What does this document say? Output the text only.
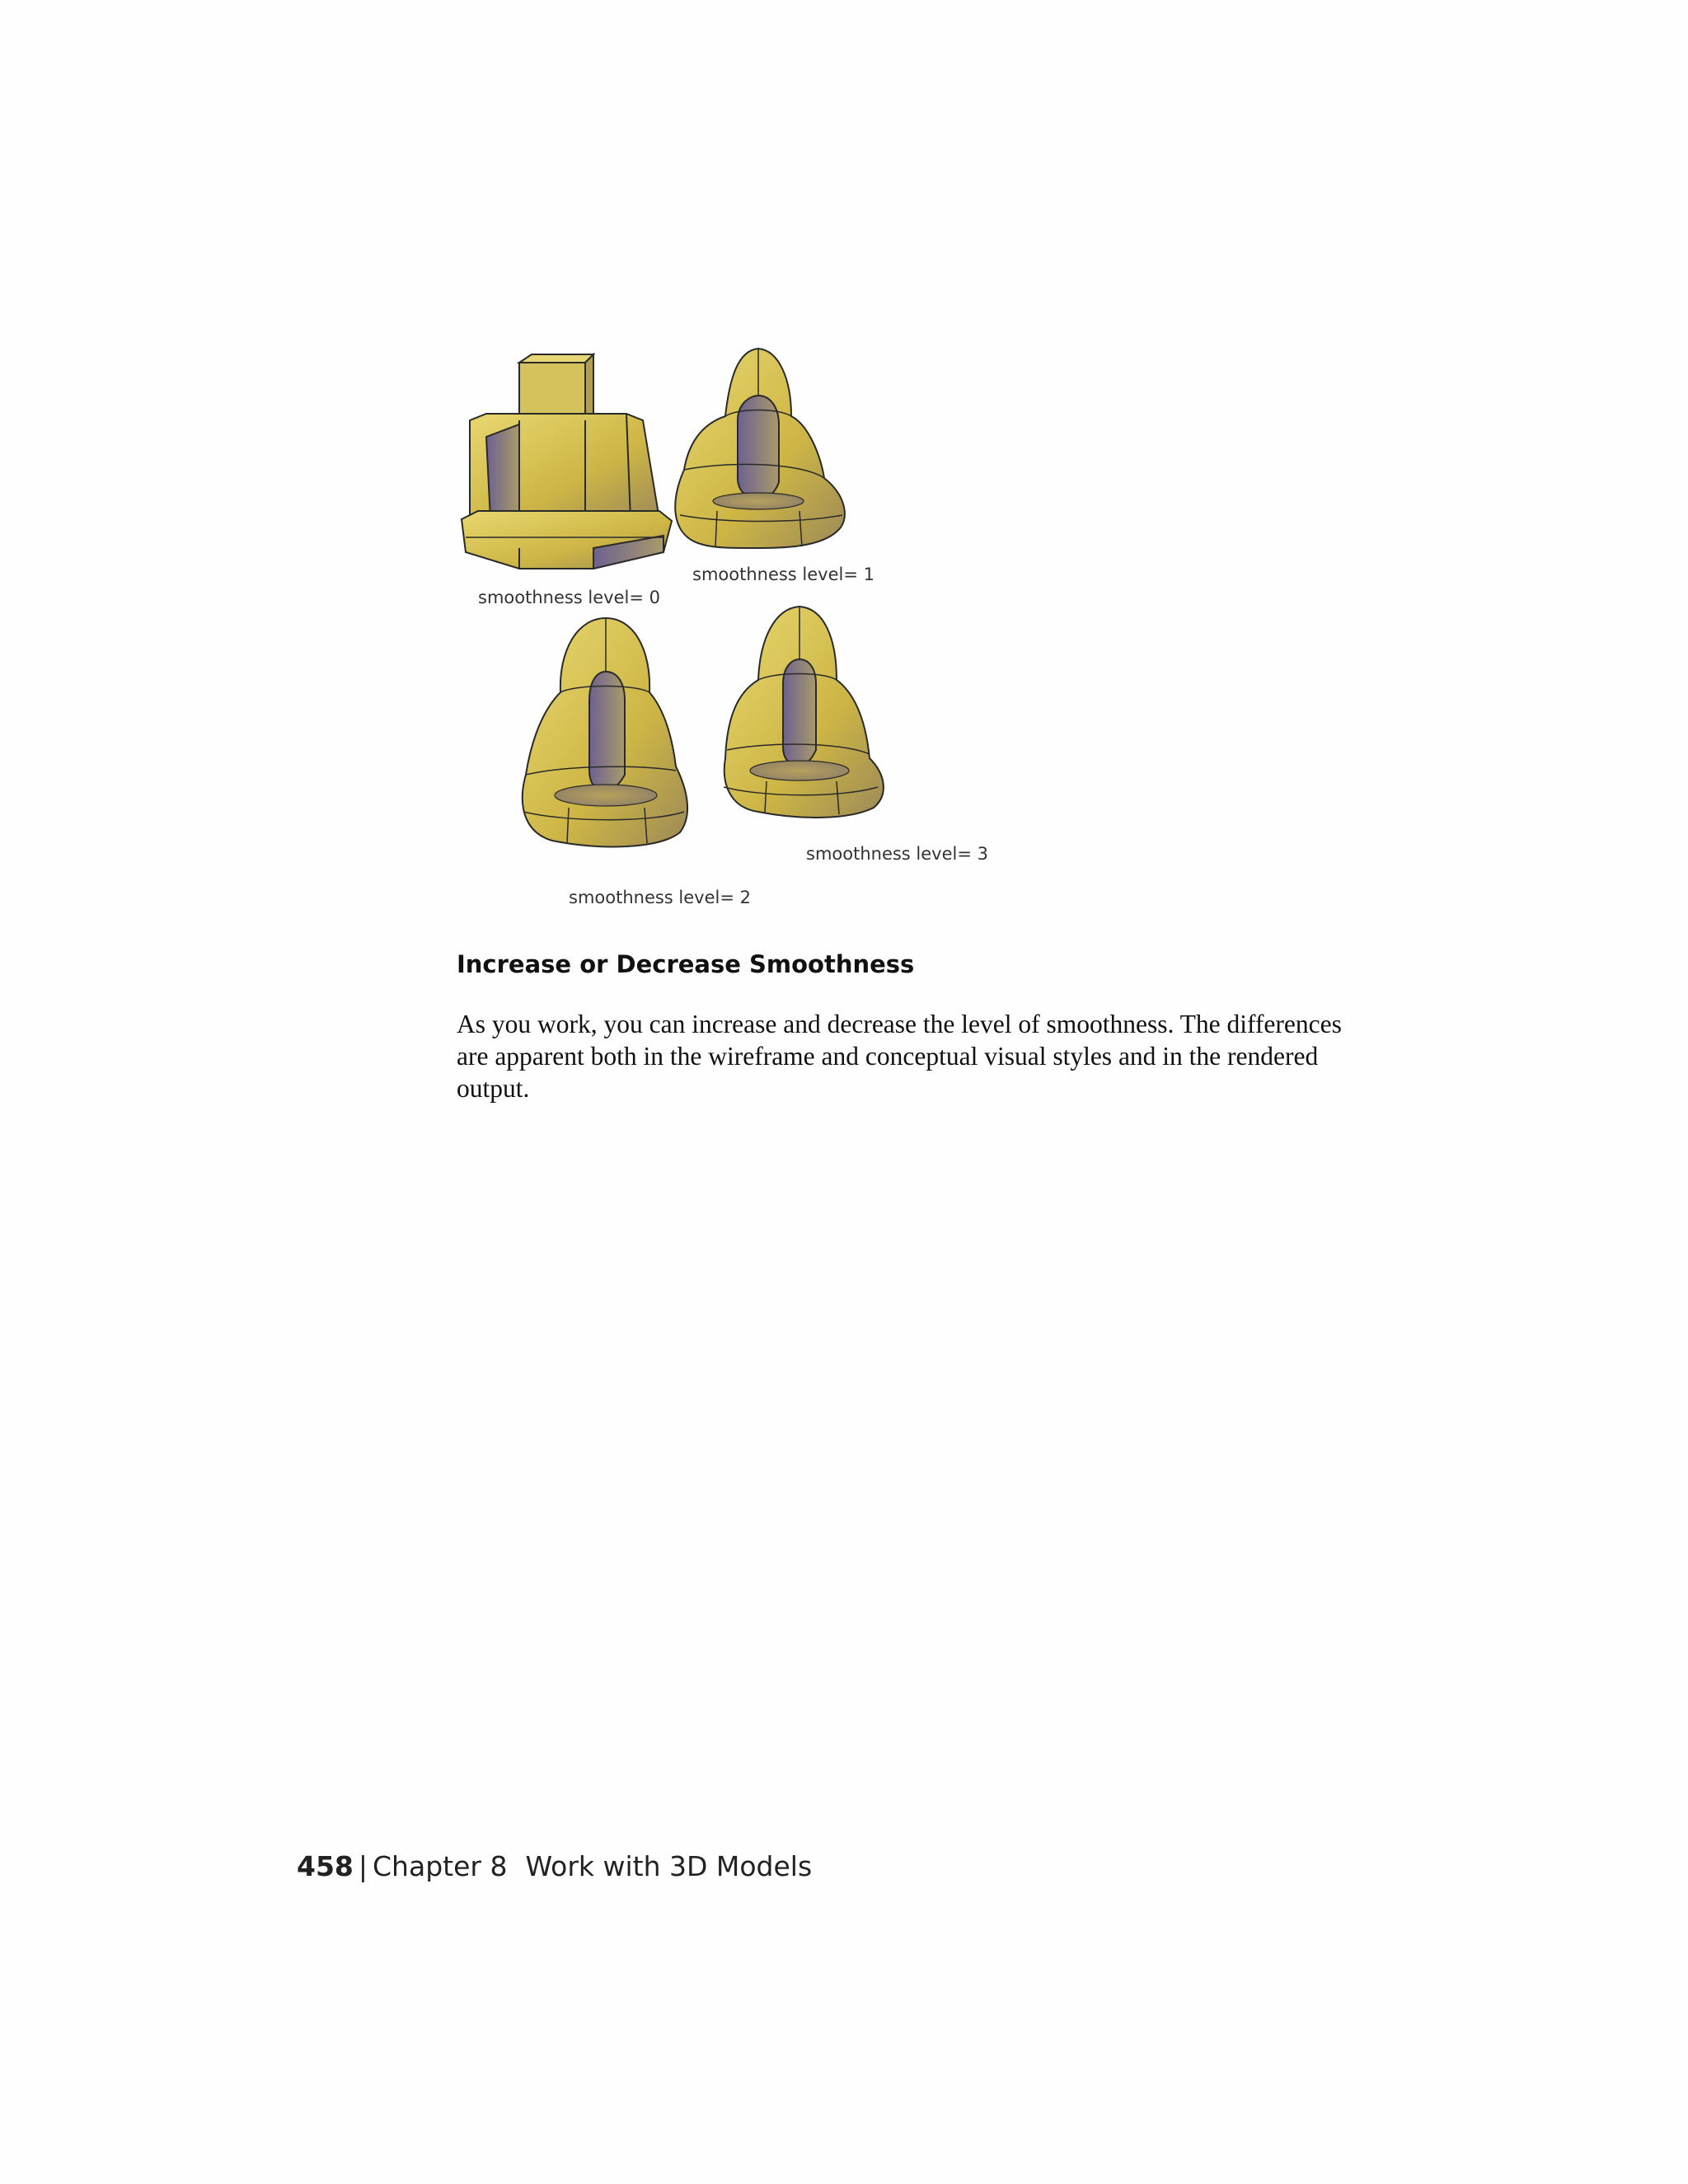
smoothness level= 0
smoothness level= 1
smoothness level= 2
smoothness level= 3
Increase or Decrease Smoothness

As you work, you can increase and decrease the level of smoothness. The differences are apparent both in the wireframe and conceptual visual styles and in the rendered output.

458 | Chapter 8 Work with 3D Models
